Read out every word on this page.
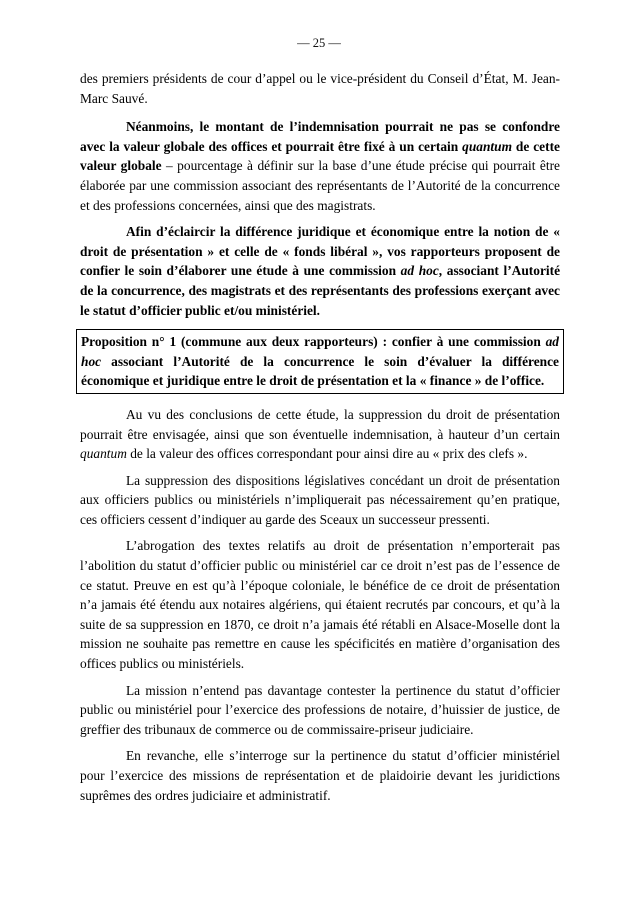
— 25 —

des premiers présidents de cour d’appel ou le vice-président du Conseil d’État, M. Jean-Marc Sauvé.

Néanmoins, le montant de l’indemnisation pourrait ne pas se confondre avec la valeur globale des offices et pourrait être fixé à un certain quantum de cette valeur globale – pourcentage à définir sur la base d’une étude précise qui pourrait être élaborée par une commission associant des représentants de l’Autorité de la concurrence et des professions concernées, ainsi que des magistrats.

Afin d’éclaircir la différence juridique et économique entre la notion de « droit de présentation » et celle de « fonds libéral », vos rapporteurs proposent de confier le soin d’élaborer une étude à une commission ad hoc, associant l’Autorité de la concurrence, des magistrats et des représentants des professions exerçant avec le statut d’officier public et/ou ministériel.

Proposition n° 1 (commune aux deux rapporteurs) : confier à une commission ad hoc associant l’Autorité de la concurrence le soin d’évaluer la différence économique et juridique entre le droit de présentation et la « finance » de l’office.

Au vu des conclusions de cette étude, la suppression du droit de présentation pourrait être envisagée, ainsi que son éventuelle indemnisation, à hauteur d’un certain quantum de la valeur des offices correspondant pour ainsi dire au « prix des clefs ».

La suppression des dispositions législatives concédant un droit de présentation aux officiers publics ou ministériels n’impliquerait pas nécessairement qu’en pratique, ces officiers cessent d’indiquer au garde des Sceaux un successeur pressenti.

L’abrogation des textes relatifs au droit de présentation n’emporterait pas l’abolition du statut d’officier public ou ministériel car ce droit n’est pas de l’essence de ce statut. Preuve en est qu’à l’époque coloniale, le bénéfice de ce droit de présentation n’a jamais été étendu aux notaires algériens, qui étaient recrutés par concours, et qu’à la suite de sa suppression en 1870, ce droit n’a jamais été rétabli en Alsace-Moselle dont la mission ne souhaite pas remettre en cause les spécificités en matière d’organisation des offices publics ou ministériels.

La mission n’entend pas davantage contester la pertinence du statut d’officier public ou ministériel pour l’exercice des professions de notaire, d’huissier de justice, de greffier des tribunaux de commerce ou de commissaire-priseur judiciaire.

En revanche, elle s’interroge sur la pertinence du statut d’officier ministériel pour l’exercice des missions de représentation et de plaidoirie devant les juridictions suprêmes des ordres judiciaire et administratif.
